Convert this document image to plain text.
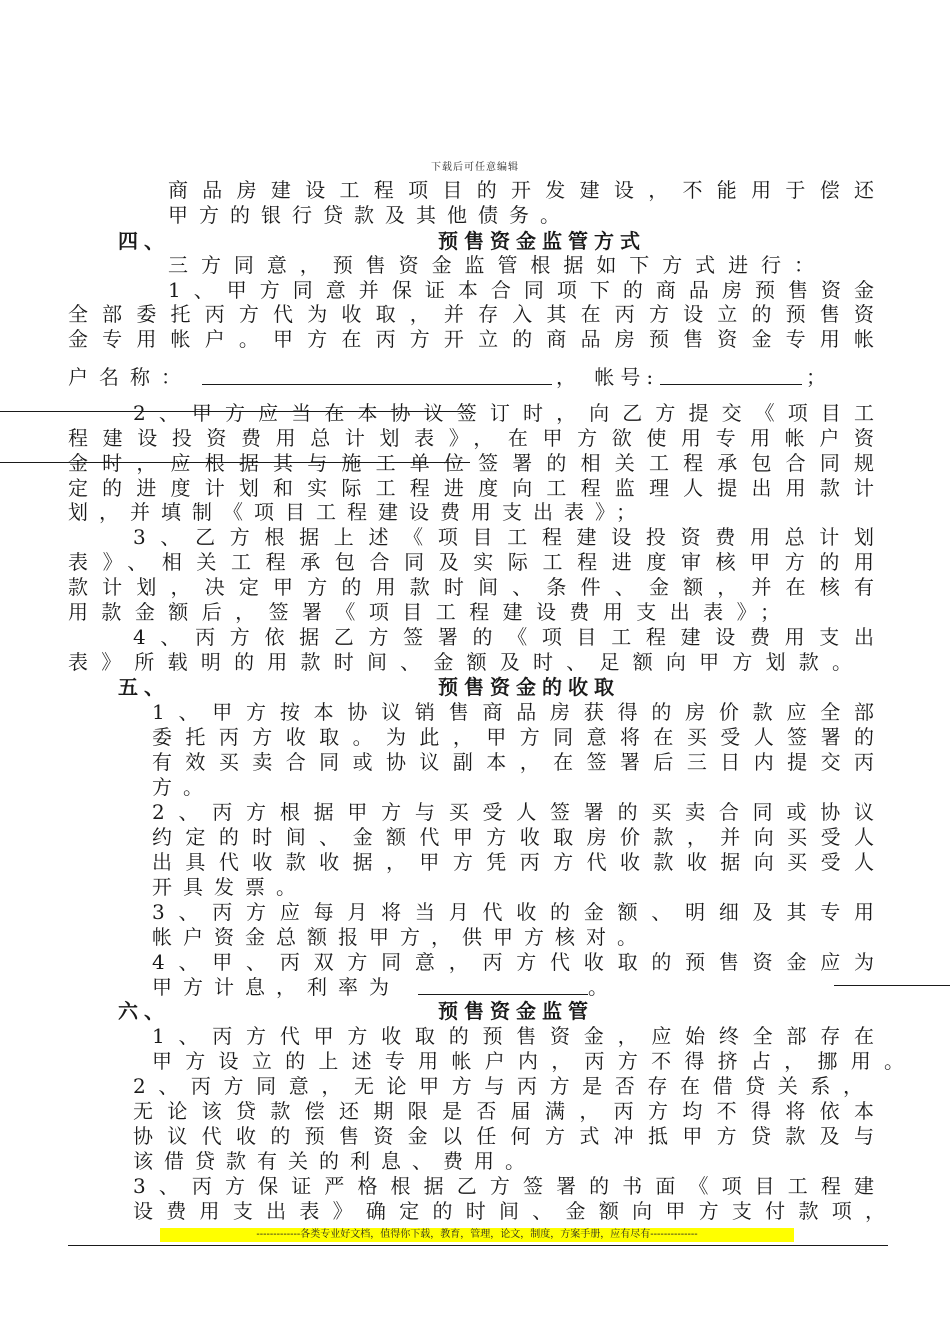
下载后可任意编辑
商品房建设工程项目的开发建设，不能用于偿还
甲方的银行贷款及其他债务。
四、	预售资金监管方式
三方同意，预售资金监管根据如下方式进行：
1、甲方同意并保证本合同项下的商品房预售资金
全部委托丙方代为收取，并存入其在丙方设立的预售资
金专用帐户。甲方在丙方开立的商品房预售资金专用帐
户名称：	， 帐号:	；
2、甲方应当在本协议签订时，向乙方提交《项目工
程建设投资费用总计划表》，在甲方欲使用专用帐户资
金时，应根据其与施工单位签署的相关工程承包合同规
定的进度计划和实际工程进度向工程监理人提出用款计
划，并填制《项目工程建设费用支出表》；
3、乙方根据上述《项目工程建设投资费用总计划
表》、相关工程承包合同及实际工程进度审核甲方的用
款计划，决定甲方的用款时间、条件、金额，并在核有
用款金额后，签署《项目工程建设费用支出表》；
4、丙方依据乙方签署的《项目工程建设费用支出
表》所载明的用款时间、金额及时、足额向甲方划款。
五、	预售资金的收取
1、甲方按本协议销售商品房获得的房价款应全部
委托丙方收取。为此，甲方同意将在买受人签署的
有效买卖合同或协议副本，在签署后三日内提交丙
方。
2、丙方根据甲方与买受人签署的买卖合同或协议
约定的时间、金额代甲方收取房价款，并向买受人
出具代收款收据，甲方凭丙方代收款收据向买受人
开具发票。
3、丙方应每月将当月代收的金额、明细及其专用
帐户资金总额报甲方，供甲方核对。
4、甲、丙双方同意，丙方代收取的预售资金应为
甲方计息，利率为	。
六、	预售资金监管
1、丙方代甲方收取的预售资金，应始终全部存在
甲方设立的上述专用帐户内，丙方不得挤占，挪用。
2、丙方同意，无论甲方与丙方是否存在借贷关系，
无论该贷款偿还期限是否届满，丙方均不得将依本
协议代收的预售资金以任何方式冲抵甲方贷款及与
该借贷款有关的利息、费用。
3、丙方保证严格根据乙方签署的书面《项目工程建
设费用支出表》确定的时间、金额向甲方支付款项，
-------------各类专业好文档，值得你下载，教育，管理，论文，制度，方案手册，应有尽有--------------
